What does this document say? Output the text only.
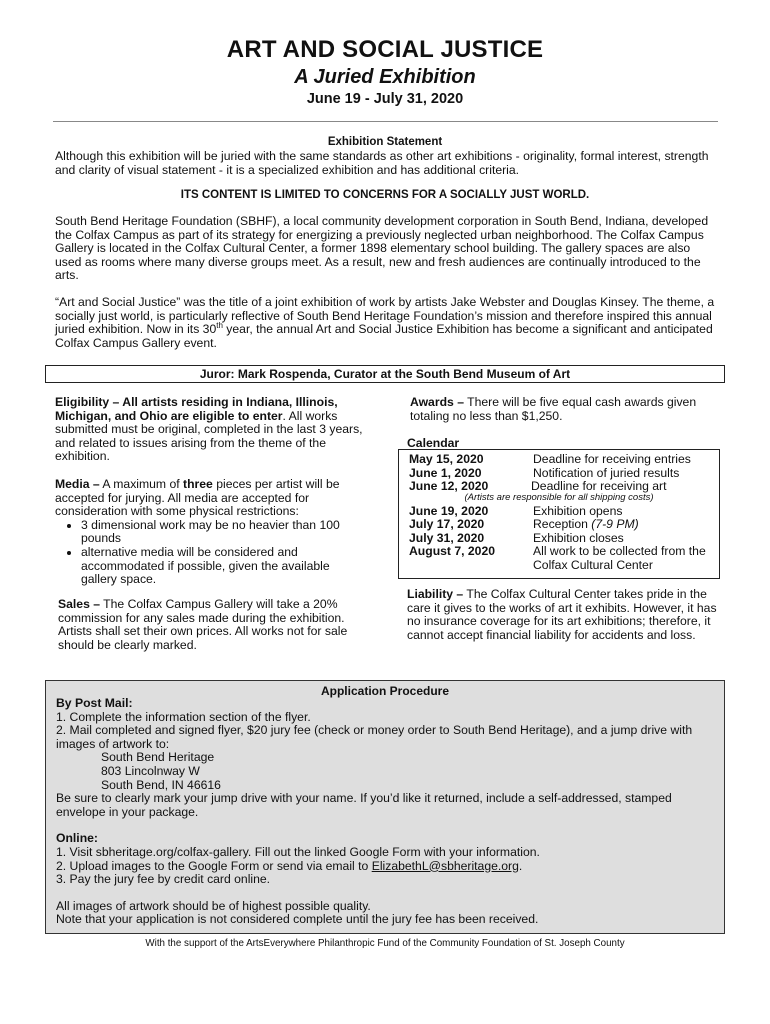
ART AND SOCIAL JUSTICE
A Juried Exhibition
June 19 - July 31, 2020
Exhibition Statement
Although this exhibition will be juried with the same standards as other art exhibitions - originality, formal interest, strength and clarity of visual statement - it is a specialized exhibition and has additional criteria.
ITS CONTENT IS LIMITED TO CONCERNS FOR A SOCIALLY JUST WORLD.
South Bend Heritage Foundation (SBHF), a local community development corporation in South Bend, Indiana, developed the Colfax Campus as part of its strategy for energizing a previously neglected urban neighborhood. The Colfax Campus Gallery is located in the Colfax Cultural Center, a former 1898 elementary school building. The gallery spaces are also used as rooms where many diverse groups meet. As a result, new and fresh audiences are continually introduced to the arts.
“Art and Social Justice” was the title of a joint exhibition of work by artists Jake Webster and Douglas Kinsey. The theme, a socially just world, is particularly reflective of South Bend Heritage Foundation’s mission and therefore inspired this annual juried exhibition. Now in its 30th year, the annual Art and Social Justice Exhibition has become a significant and anticipated Colfax Campus Gallery event.
Juror: Mark Rospenda, Curator at the South Bend Museum of Art

Eligibility – All artists residing in Indiana, Illinois, Michigan, and Ohio are eligible to enter. All works submitted must be original, completed in the last 3 years, and related to issues arising from the theme of the exhibition.

Media – A maximum of three pieces per artist will be accepted for jurying. All media are accepted for consideration with some physical restrictions:

• 3 dimensional work may be no heavier than 100 pounds
• alternative media will be considered and accommodated if possible, given the available gallery space.
Sales – The Colfax Campus Gallery will take a 20% commission for any sales made during the exhibition. Artists shall set their own prices. All works not for sale should be clearly marked.
Awards – There will be five equal cash awards given totaling no less than $1,250.
Calendar
May 15, 2020	Deadline for receiving entries
June 1, 2020	Notification of juried results
June 12, 2020	Deadline for receiving art
(Artists are responsible for all shipping costs)
June 19, 2020	Exhibition opens
July 17, 2020	Reception (7-9 PM)
July 31, 2020	Exhibition closes
August 7, 2020	All work to be collected from the Colfax Cultural Center
Liability – The Colfax Cultural Center takes pride in the care it gives to the works of art it exhibits. However, it has no insurance coverage for its art exhibitions; therefore, it cannot accept financial liability for accidents and loss.
Application Procedure
By Post Mail:
1. Complete the information section of the flyer.
2. Mail completed and signed flyer, $20 jury fee (check or money order to South Bend Heritage), and a jump drive with images of artwork to:
South Bend Heritage
803 Lincolnway W
South Bend, IN 46616
Be sure to clearly mark your jump drive with your name. If you’d like it returned, include a self-addressed, stamped envelope in your package.
Online:
1. Visit sbheritage.org/colfax-gallery. Fill out the linked Google Form with your information.
2. Upload images to the Google Form or send via email to ElizabethL@sbheritage.org.
3. Pay the jury fee by credit card online.
All images of artwork should be of highest possible quality.
Note that your application is not considered complete until the jury fee has been received.
With the support of the ArtsEverywhere Philanthropic Fund of the Community Foundation of St. Joseph County
